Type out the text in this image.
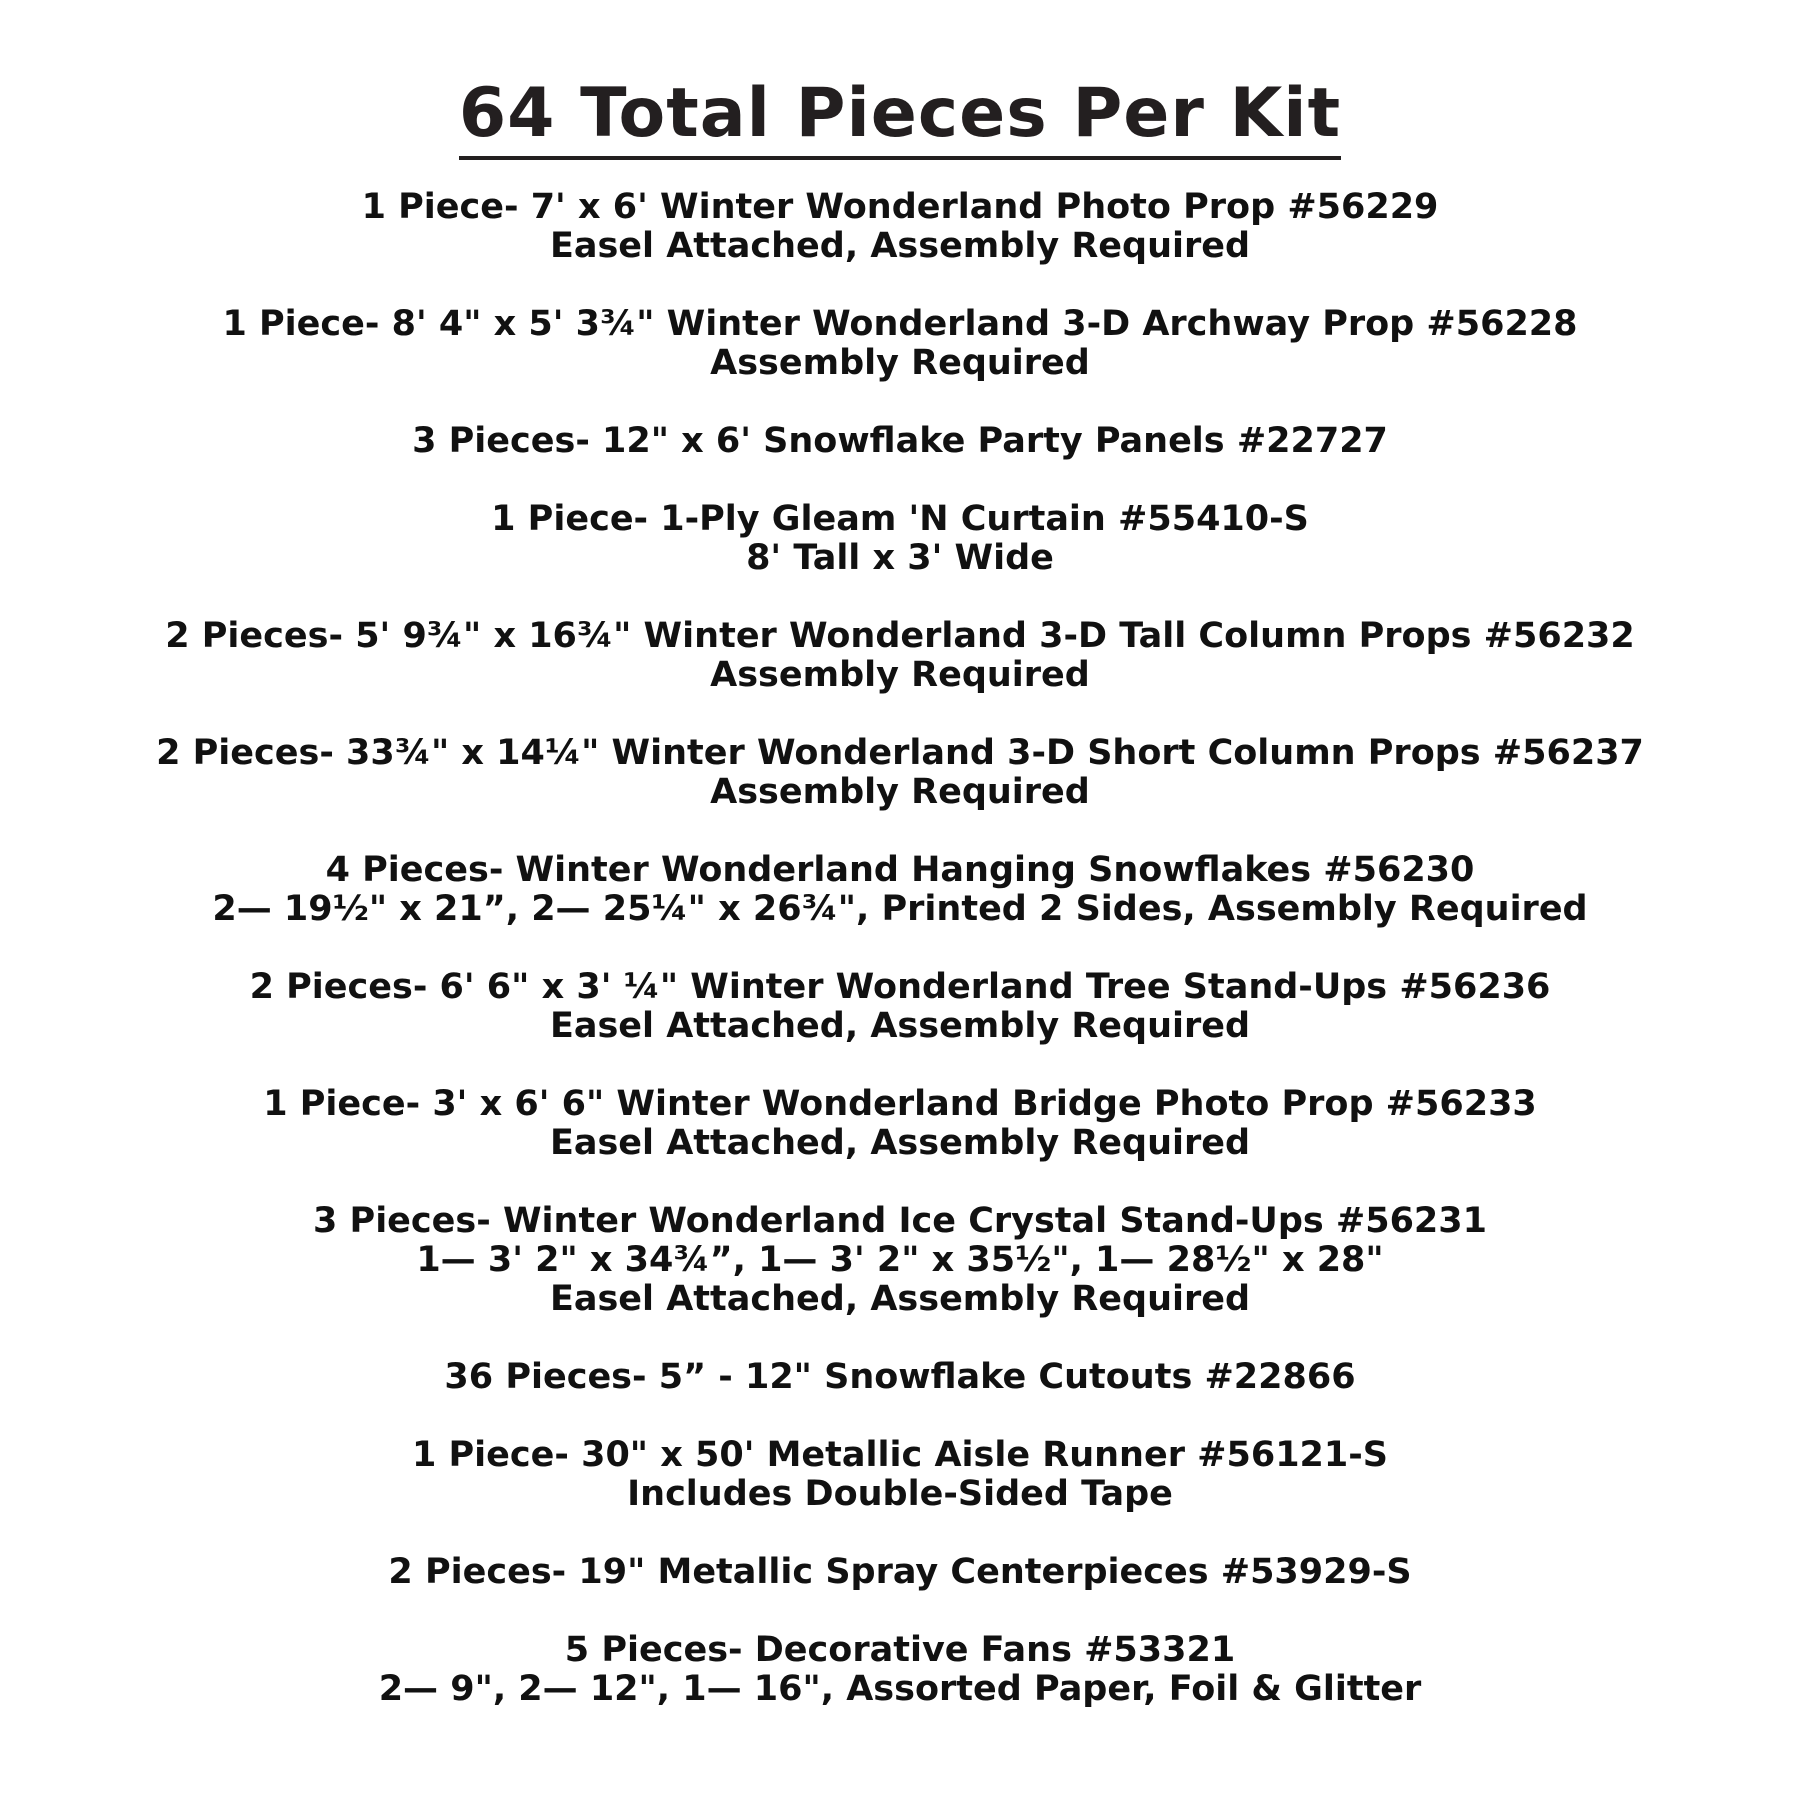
64 Total Pieces Per Kit
1 Piece- 7' x 6' Winter Wonderland Photo Prop #56229
Easel Attached, Assembly Required
1 Piece- 8' 4" x 5' 3¾" Winter Wonderland 3-D Archway Prop #56228
Assembly Required
3 Pieces- 12" x 6' Snowflake Party Panels #22727
1 Piece- 1-Ply Gleam 'N Curtain #55410-S
8' Tall x 3' Wide
2 Pieces- 5' 9¾" x 16¾" Winter Wonderland 3-D Tall Column Props #56232
Assembly Required
2 Pieces- 33¾" x 14¼" Winter Wonderland 3-D Short Column Props #56237
Assembly Required
4 Pieces- Winter Wonderland Hanging Snowflakes #56230
2— 19½" x 21”, 2— 25¼" x 26¾", Printed 2 Sides, Assembly Required
2 Pieces- 6' 6" x 3' ¼" Winter Wonderland Tree Stand-Ups #56236
Easel Attached, Assembly Required
1 Piece- 3' x 6' 6" Winter Wonderland Bridge Photo Prop #56233
Easel Attached, Assembly Required
3 Pieces- Winter Wonderland Ice Crystal Stand-Ups #56231
1— 3' 2" x 34¾”, 1— 3' 2" x 35½", 1— 28½" x 28"
Easel Attached, Assembly Required
36 Pieces- 5” - 12" Snowflake Cutouts #22866
1 Piece- 30" x 50' Metallic Aisle Runner #56121-S
Includes Double-Sided Tape
2 Pieces- 19" Metallic Spray Centerpieces #53929-S
5 Pieces- Decorative Fans #53321
2— 9", 2— 12", 1— 16", Assorted Paper, Foil & Glitter
